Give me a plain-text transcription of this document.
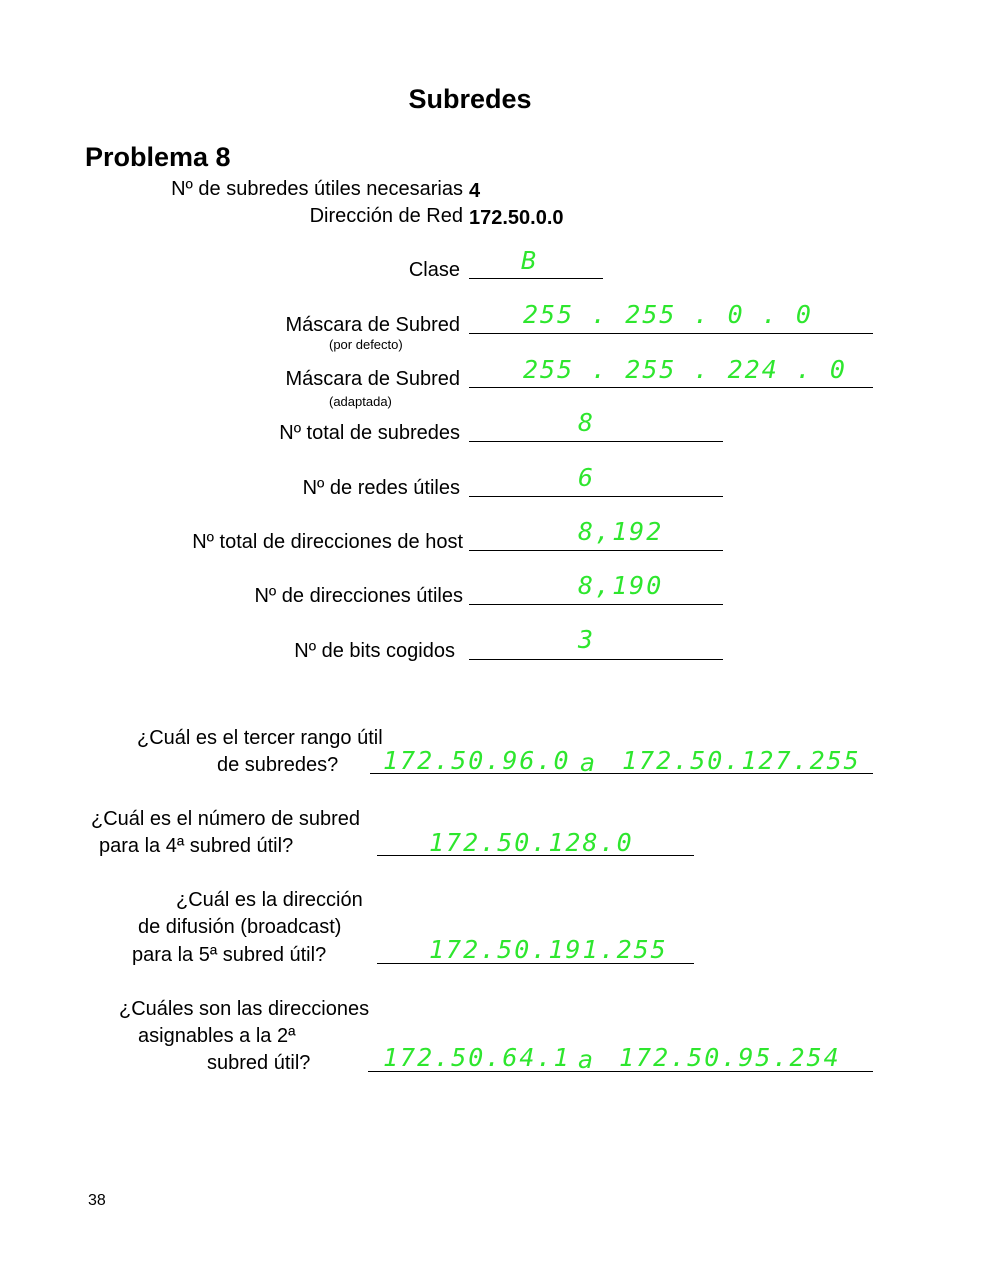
Subredes
Problema 8
Nº de subredes útiles necesarias 4
Dirección de Red 172.50.0.0
Clase B
Máscara de Subred
(por defecto)
255 . 255 . 0 . 0
Máscara de Subred
(adaptada)
255 . 255 . 224 . 0
Nº total de subredes	8
Nº de redes útiles	6
Nº total de direcciones de host	8,192
Nº de direcciones útiles	8,190
Nº de bits cogidos	3
¿Cuál es el tercer rango útil
de subredes? 172.50.96.0 a 172.50.127.255
¿Cuál es el número de subred
para la 4ª subred útil?	172.50.128.0
¿Cuál es la dirección
de difusión (broadcast)
para la 5ª subred útil?	172.50.191.255
¿Cuáles son las direcciones
asignables a la 2ª
subred útil?	172.50.64.1 a 172.50.95.254
38
